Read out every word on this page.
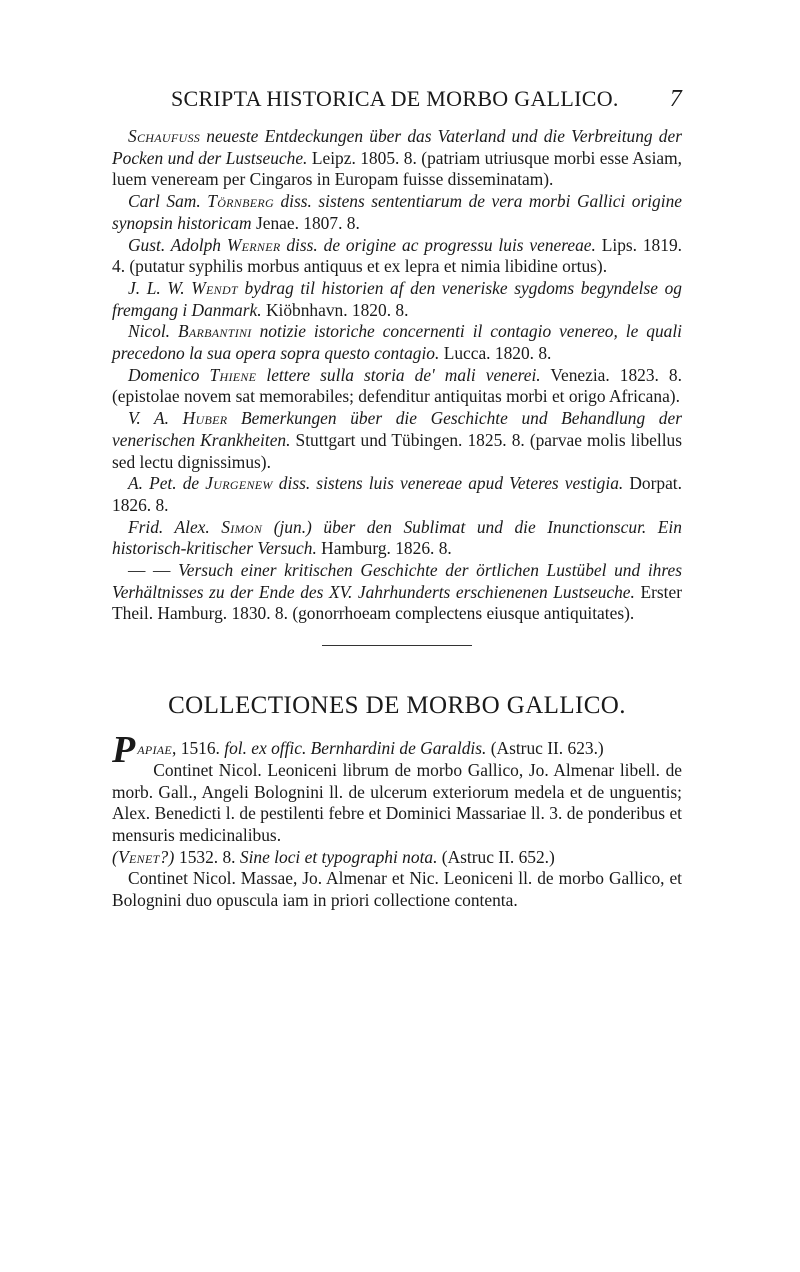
SCRIPTA HISTORICA DE MORBO GALLICO.	7

Schaufuss neueste Entdeckungen über das Vaterland und die Verbreitung der Pocken und der Lustseuche. Leipz. 1805. 8. (patriam utriusque morbi esse Asiam, luem veneream per Cingaros in Europam fuisse disseminatam).

Carl Sam. Törnberg diss. sistens sententiarum de vera morbi Gallici origine synopsin historicam Jenae. 1807. 8.

Gust. Adolph Werner diss. de origine ac progressu luis venereae. Lips. 1819. 4. (putatur syphilis morbus antiquus et ex lepra et nimia libidine ortus).

J. L. W. Wendt bydrag til historien af den veneriske sygdoms begyndelse og fremgang i Danmark. Kiöbnhavn. 1820. 8.

Nicol. Barbantini notizie istoriche concernenti il contagio venereo, le quali precedono la sua opera sopra questo contagio. Lucca. 1820. 8.

Domenico Thiene lettere sulla storia de' mali venerei. Venezia. 1823. 8. (epistolae novem sat memorabiles; defenditur antiquitas morbi et origo Africana).

V. A. Huber Bemerkungen über die Geschichte und Behandlung der venerischen Krankheiten. Stuttgart und Tübingen. 1825. 8. (parvae molis libellus sed lectu dignissimus).

A. Pet. de Jurgenew diss. sistens luis venereae apud Veteres vestigia. Dorpat. 1826. 8.

Frid. Alex. Simon (jun.) über den Sublimat und die Inunctionscur. Ein historisch-kritischer Versuch. Hamburg. 1826. 8.

— — Versuch einer kritischen Geschichte der örtlichen Lustübel und ihres Verhältnisses zu der Ende des XV. Jahrhunderts erschienenen Lustseuche. Erster Theil. Hamburg. 1830. 8. (gonorrhoeam complectens eiusque antiquitates).

COLLECTIONES DE MORBO GALLICO.

Papiae, 1516. fol. ex offic. Bernhardini de Garaldis. (Astruc II. 623.)

Continet Nicol. Leoniceni librum de morbo Gallico, Jo. Almenar libell. de morb. Gall., Angeli Bolognini ll. de ulcerum exteriorum medela et de unguentis; Alex. Benedicti l. de pestilenti febre et Dominici Massariae ll. 3. de ponderibus et mensuris medicinalibus.

(Venet?) 1532. 8. Sine loci et typographi nota. (Astruc II. 652.)

Continet Nicol. Massae, Jo. Almenar et Nic. Leoniceni ll. de morbo Gallico, et Bolognini duo opuscula iam in priori collectione contenta.
